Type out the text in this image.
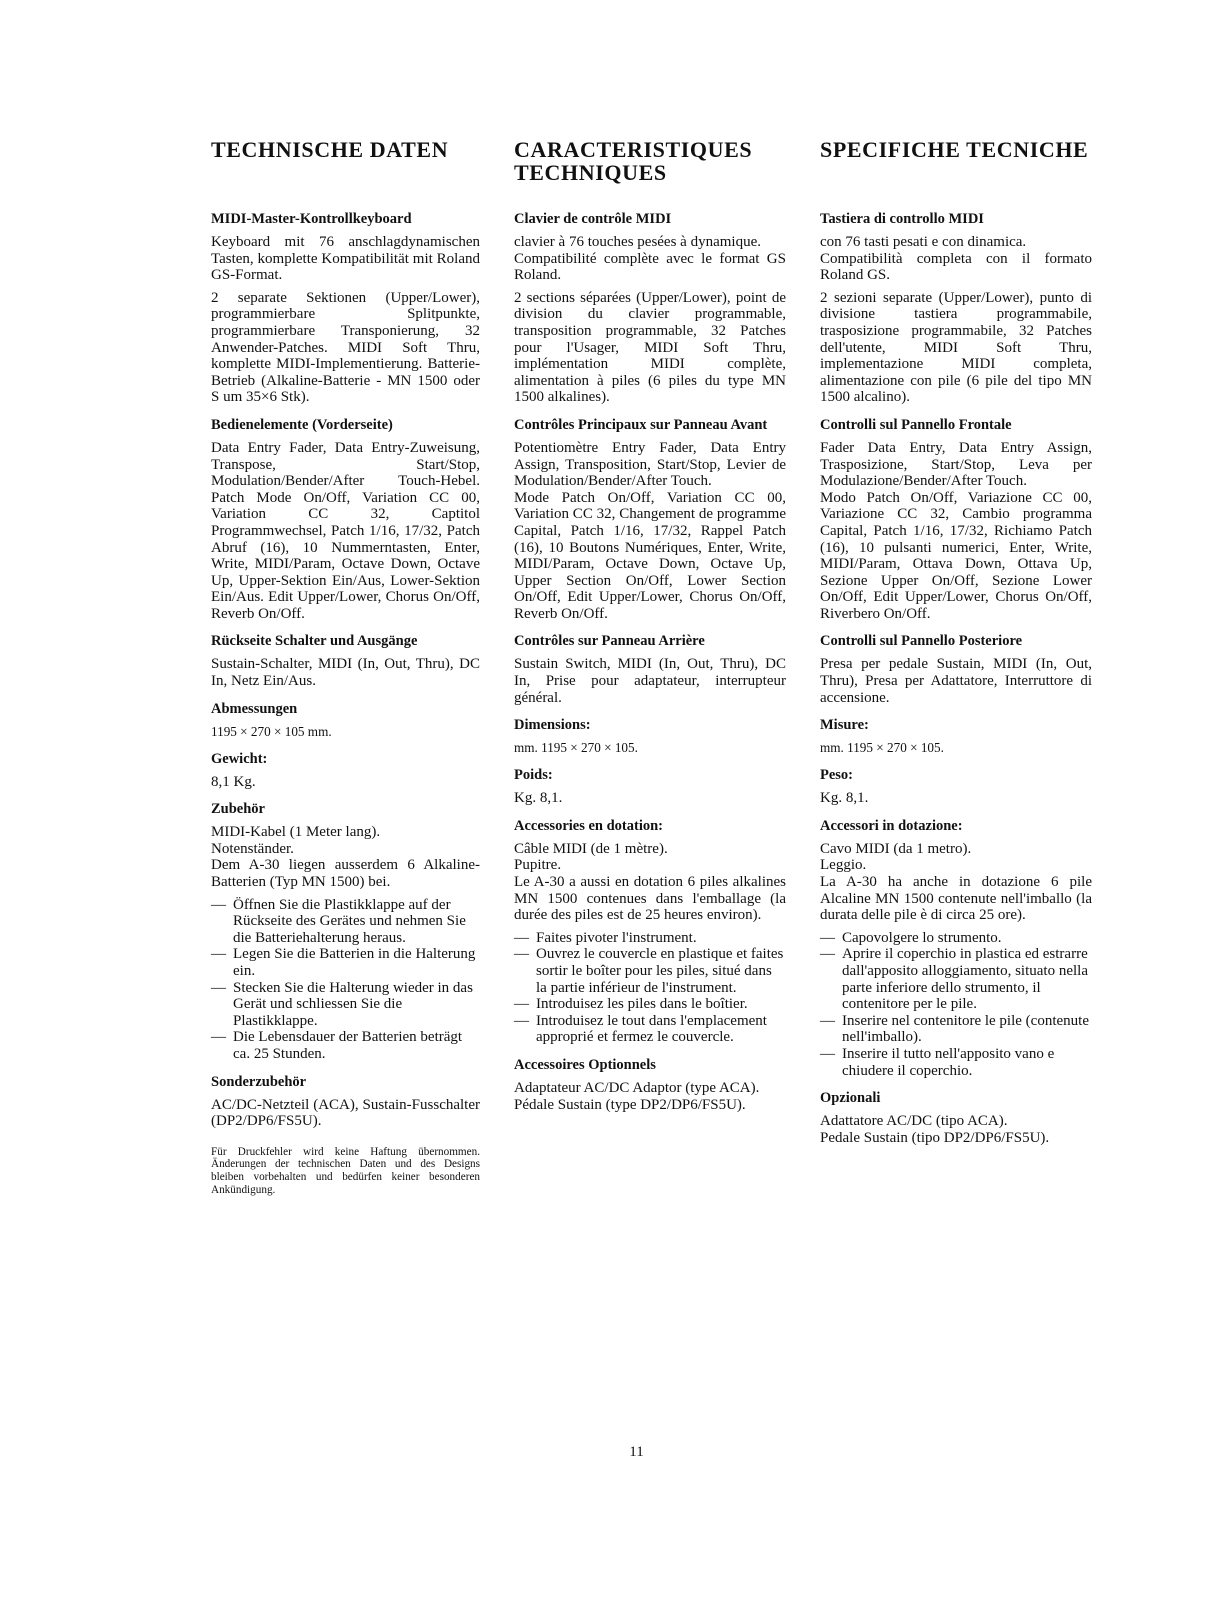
TECHNISCHE DATEN
MIDI-Master-Kontrollkeyboard
Keyboard mit 76 anschlagdynamischen Tasten, komplette Kompatibilität mit Roland GS-Format.
2 separate Sektionen (Upper/Lower), programmierbare Splitpunkte, programmierbare Transponierung, 32 Anwender-Patches. MIDI Soft Thru, komplette MIDI-Implementierung. Batterie-Betrieb (Alkaline-Batterie - MN 1500 oder S um 35×6 Stk).
Bedienelemente (Vorderseite)
Data Entry Fader, Data Entry-Zuweisung, Transpose, Start/Stop, Modulation/Bender/After Touch-Hebel. Patch Mode On/Off, Variation CC 00, Variation CC 32, Captitol Programmwechsel, Patch 1/16, 17/32, Patch Abruf (16), 10 Nummerntasten, Enter, Write, MIDI/Param, Octave Down, Octave Up, Upper-Sektion Ein/Aus, Lower-Sektion Ein/Aus. Edit Upper/Lower, Chorus On/Off, Reverb On/Off.
Rückseite Schalter und Ausgänge
Sustain-Schalter, MIDI (In, Out, Thru), DC In, Netz Ein/Aus.
Abmessungen
1195 × 270 × 105 mm.
Gewicht:
8,1 Kg.
Zubehör
MIDI-Kabel (1 Meter lang).
Notenständer.
Dem A-30 liegen ausserdem 6 Alkaline-Batterien (Typ MN 1500) bei.
— Öffnen Sie die Plastikklappe auf der Rückseite des Gerätes und nehmen Sie die Batteriehalterung heraus.
— Legen Sie die Batterien in die Halterung ein.
— Stecken Sie die Halterung wieder in das Gerät und schliessen Sie die Plastikklappe.
— Die Lebensdauer der Batterien beträgt ca. 25 Stunden.
Sonderzubehör
AC/DC-Netzteil (ACA), Sustain-Fusschalter (DP2/DP6/FS5U).
Für Druckfehler wird keine Haftung übernommen. Änderungen der technischen Daten und des Designs bleiben vorbehalten und bedürfen keiner besonderen Ankündigung.
CARACTERISTIQUES
TECHNIQUES
Clavier de contrôle MIDI
clavier à 76 touches pesées à dynamique.
Compatibilité complète avec le format GS Roland.
2 sections séparées (Upper/Lower), point de division du clavier programmable, transposition programmable, 32 Patches pour l'Usager, MIDI Soft Thru, implémentation MIDI complète, alimentation à piles (6 piles du type MN 1500 alkalines).
Contrôles Principaux sur Panneau Avant
Potentiomètre Entry Fader, Data Entry Assign, Transposition, Start/Stop, Levier de Modulation/Bender/After Touch.
Mode Patch On/Off, Variation CC 00, Variation CC 32, Changement de programme Capital, Patch 1/16, 17/32, Rappel Patch (16), 10 Boutons Numériques, Enter, Write, MIDI/Param, Octave Down, Octave Up, Upper Section On/Off, Lower Section On/Off, Edit Upper/Lower, Chorus On/Off, Reverb On/Off.
Contrôles sur Panneau Arrière
Sustain Switch, MIDI (In, Out, Thru), DC In, Prise pour adaptateur, interrupteur général.
Dimensions:
mm. 1195 × 270 × 105.
Poids:
Kg. 8,1.
Accessories en dotation:
Câble MIDI (de 1 mètre).
Pupitre.
Le A-30 a aussi en dotation 6 piles alkalines MN 1500 contenues dans l'emballage (la durée des piles est de 25 heures environ).
— Faites pivoter l'instrument.
— Ouvrez le couvercle en plastique et faites sortir le boîter pour les piles, situé dans la partie inférieur de l'instrument.
— Introduisez les piles dans le boîtier.
— Introduisez le tout dans l'emplacement approprié et fermez le couvercle.
Accessoires Optionnels
Adaptateur AC/DC Adaptor (type ACA).
Pédale Sustain (type DP2/DP6/FS5U).
SPECIFICHE TECNICHE
Tastiera di controllo MIDI
con 76 tasti pesati e con dinamica.
Compatibilità completa con il formato Roland GS.
2 sezioni separate (Upper/Lower), punto di divisione tastiera programmabile, trasposizione programmabile, 32 Patches dell'utente, MIDI Soft Thru, implementazione MIDI completa, alimentazione con pile (6 pile del tipo MN 1500 alcalino).
Controlli sul Pannello Frontale
Fader Data Entry, Data Entry Assign, Trasposizione, Start/Stop, Leva per Modulazione/Bender/After Touch.
Modo Patch On/Off, Variazione CC 00, Variazione CC 32, Cambio programma Capital, Patch 1/16, 17/32, Richiamo Patch (16), 10 pulsanti numerici, Enter, Write, MIDI/Param, Ottava Down, Ottava Up, Sezione Upper On/Off, Sezione Lower On/Off, Edit Upper/Lower, Chorus On/Off, Riverbero On/Off.
Controlli sul Pannello Posteriore
Presa per pedale Sustain, MIDI (In, Out, Thru), Presa per Adattatore, Interruttore di accensione.
Misure:
mm. 1195 × 270 × 105.
Peso:
Kg. 8,1.
Accessori in dotazione:
Cavo MIDI (da 1 metro).
Leggio.
La A-30 ha anche in dotazione 6 pile Alcaline MN 1500 contenute nell'imballo (la durata delle pile è di circa 25 ore).
— Capovolgere lo strumento.
— Aprire il coperchio in plastica ed estrarre dall'apposito alloggiamento, situato nella parte inferiore dello strumento, il contenitore per le pile.
— Inserire nel contenitore le pile (contenute nell'imballo).
— Inserire il tutto nell'apposito vano e chiudere il coperchio.
Opzionali
Adattatore AC/DC (tipo ACA).
Pedale Sustain (tipo DP2/DP6/FS5U).
11
